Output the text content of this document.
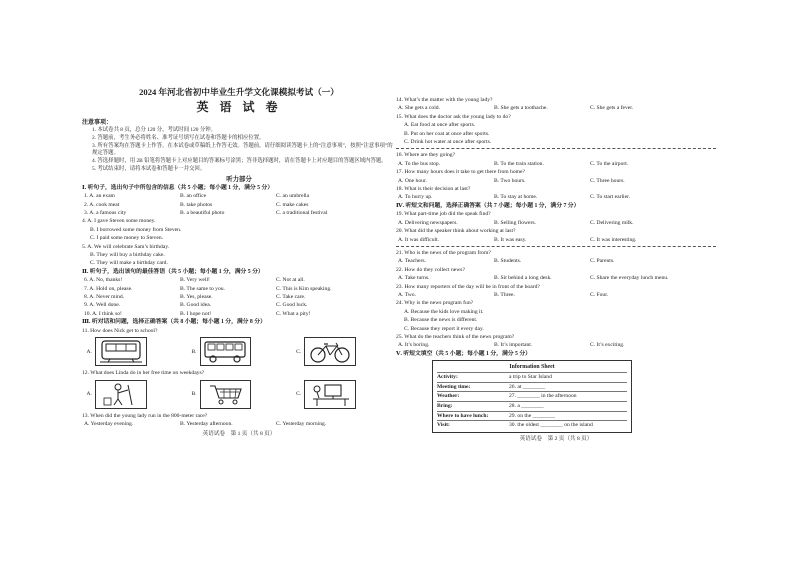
2024 年河北省初中毕业生升学文化课模拟考试（一）
英 语 试 卷
注意事项：
1. 本试卷共 8 页，总分 120 分，考试时间 120 分钟。
2. 答题前，考生务必将姓名、准考证号填写在试卷和答题卡的相应位置。
3. 所有答案均在答题卡上作答，在本试卷或草稿纸上作答无效。答题前，请仔细阅读答题卡上的“注意事项”，按照“注意事项”的规定答题。
4. 答选择题时，用 2B 铅笔将答题卡上对应题目的答案标号涂黑；答非选择题时，请在答题卡上对应题目的答题区域内答题。
5. 考试结束时，请将本试卷和答题卡一并交回。
听力部分
Ⅰ. 听句子，选出句子中所包含的信息（共 5 小题；每小题 1 分，满分 5 分）
1. A. an exam	B. an office	C. an umbrella
2. A. cook meat	B. take photos	C. make cakes
3. A. a famous city	B. a beautiful photo	C. a traditional festival
4. A. I gave Steven some money.
B. I borrowed some money from Steven.
C. I paid some money to Steven.
5. A. We will celebrate Sam’s birthday.
B. They will buy a birthday cake.
C. They will make a birthday card.
Ⅱ. 听句子，选出该句的最佳答语（共 5 小题；每小题 1 分，满分 5 分）
6. A. No, thanks!	B. Very well!	C. Not at all.
7. A. Hold on, please.	B. The same to you.	C. This is Kim speaking.
8. A. Never mind.	B. Yes, please.	C. Take care.
9. A. Well done.	B. Good idea.	C. Good luck.
10. A. I think so!	B. I hope not!	C. What a pity!
Ⅲ. 听对话和问题，选择正确答案（共 8 小题；每小题 1 分，满分 8 分）
11. How does Nick get to school?
A.	B.	C.
12. What does Linda do in her free time on weekdays?
A.	B.	C.
13. When did the young lady run in the 800-meter race?
A. Yesterday evening.	B. Yesterday afternoon.	C. Yesterday morning.
英语试卷　第 1 页（共 8 页）
14. What’s the matter with the young lady?
A. She gets a cold.	B. She gets a toothache.	C. She gets a fever.
15. What does the doctor ask the young lady to do?
A. Eat food at once after sports.
B. Put on her coat at once after sports.
C. Drink hot water at once after sports.
16. Where are they going?
A. To the bus stop.	B. To the train station.	C. To the airport.
17. How many hours does it take to get there from home?
A. One hour.	B. Two hours.	C. Three hours.
18. What is their decision at last?
A. To hurry up.	B. To stay at home.	C. To start earlier.
Ⅳ. 听短文和问题，选择正确答案（共 7 小题；每小题 1 分，满分 7 分）
19. What part-time job did the speak find?
A. Delivering newspapers.	B. Selling flowers.	C. Delivering milk.
20. What did the speaker think about working at last?
A. It was difficult.	B. It was easy.	C. It was interesting.
21. Who is the news of the program from?
A. Teachers.	B. Students.	C. Parents.
22. How do they collect news?
A. Take turns.	B. Sit behind a long desk.	C. Share the everyday lunch menu.
23. How many reporters of the day will be in front of the board?
A. Two.	B. Three.	C. Four.
24. Why is the news program fun?
A. Because the kids love making it.
B. Because the news is different.
C. Because they report it every day.
25. What do the teachers think of the news program?
A. It’s boring.	B. It’s important.	C. It’s exciting.
Ⅴ. 听短文填空（共 5 小题；每小题 1 分，满分 5 分）
Information Sheet
Activity:	a trip to Star Island
Meeting time:	26. at ________
Weather:	27. ________ in the afternoon
Bring:	28. a ________
Where to have lunch:	29. on the ________
Visit:	30. the oldest ________ on the island
英语试卷　第 2 页（共 8 页）
